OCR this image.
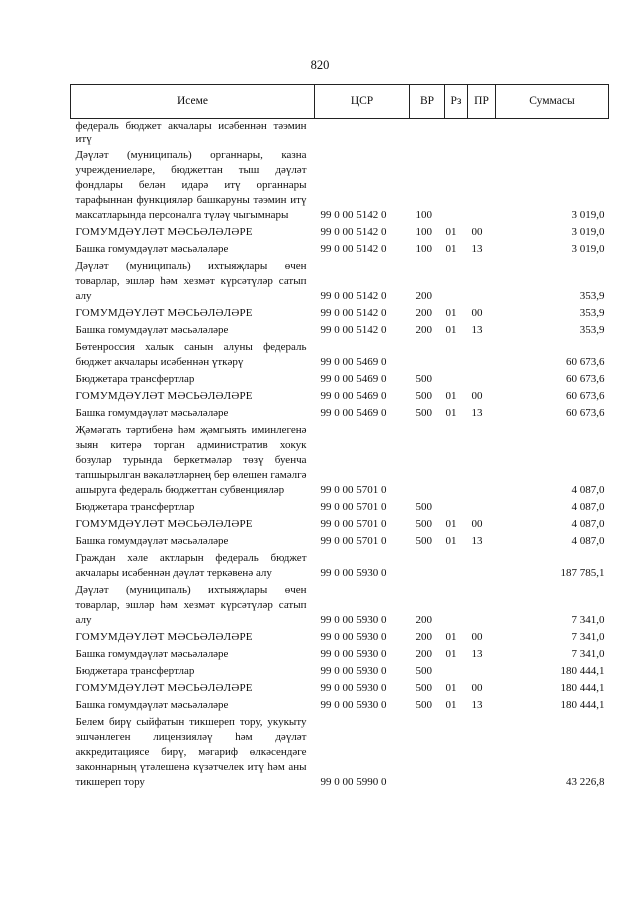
820
Исеме	ЦСР	ВР	Рз	ПР	Суммасы
федераль бюджет акчалары исәбеннән тәэмин итү					
Дәүләт (муниципаль) органнары, казна учреждениеләре, бюджеттан тыш дәүләт фондлары белән идарә итү органнары тарафыннан функцияләр башкаруны тәэмин итү максатларында персоналга түләү чыгымнары	99 0 00 5142 0	100			3 019,0
ГОМУМДӘҮЛӘТ МӘСЬӘЛӘЛӘРЕ	99 0 00 5142 0	100	01	00	3 019,0
Башка гомумдәүләт мәсьәләләре	99 0 00 5142 0	100	01	13	3 019,0
Дәүләт (муниципаль) ихтыяҗлары өчен товарлар, эшләр һәм хезмәт күрсәтүләр сатып алу	99 0 00 5142 0	200			353,9
ГОМУМДӘҮЛӘТ МӘСЬӘЛӘЛӘРЕ	99 0 00 5142 0	200	01	00	353,9
Башка гомумдәүләт мәсьәләләре	99 0 00 5142 0	200	01	13	353,9
Бөтенроссия халык санын алуны федераль бюджет акчалары исәбеннән үткәрү	99 0 00 5469 0				60 673,6
Бюджетара трансфертлар	99 0 00 5469 0	500			60 673,6
ГОМУМДӘҮЛӘТ МӘСЬӘЛӘЛӘРЕ	99 0 00 5469 0	500	01	00	60 673,6
Башка гомумдәүләт мәсьәләләре	99 0 00 5469 0	500	01	13	60 673,6
Җәмәгать тәртибенә һәм җәмгыять иминлегенә зыян китерә торган административ хокук бозулар турында беркетмәләр төзү буенча тапшырылган вәкаләтләрнең бер өлешен гамәлгә ашыруга федераль бюджеттан субвенцияләр	99 0 00 5701 0				4 087,0
Бюджетара трансфертлар	99 0 00 5701 0	500			4 087,0
ГОМУМДӘҮЛӘТ МӘСЬӘЛӘЛӘРЕ	99 0 00 5701 0	500	01	00	4 087,0
Башка гомумдәүләт мәсьәләләре	99 0 00 5701 0	500	01	13	4 087,0
Граждан хәле актларын федераль бюджет акчалары исәбеннән дәүләт теркәвенә алу	99 0 00 5930 0				187 785,1
Дәүләт (муниципаль) ихтыяҗлары өчен товарлар, эшләр һәм хезмәт күрсәтүләр сатып алу	99 0 00 5930 0	200			7 341,0
ГОМУМДӘҮЛӘТ МӘСЬӘЛӘЛӘРЕ	99 0 00 5930 0	200	01	00	7 341,0
Башка гомумдәүләт мәсьәләләре	99 0 00 5930 0	200	01	13	7 341,0
Бюджетара трансфертлар	99 0 00 5930 0	500			180 444,1
ГОМУМДӘҮЛӘТ МӘСЬӘЛӘЛӘРЕ	99 0 00 5930 0	500	01	00	180 444,1
Башка гомумдәүләт мәсьәләләре	99 0 00 5930 0	500	01	13	180 444,1
Белем бирү сыйфатын тикшереп тору, укукыту эшчәнлеген лицензияләү һәм дәүләт аккредитациясе бирү, мәгариф өлкәсендәге законнарның үтәлешенә күзәтчелек итү һәм аны тикшереп тору	99 0 00 5990 0				43 226,8
